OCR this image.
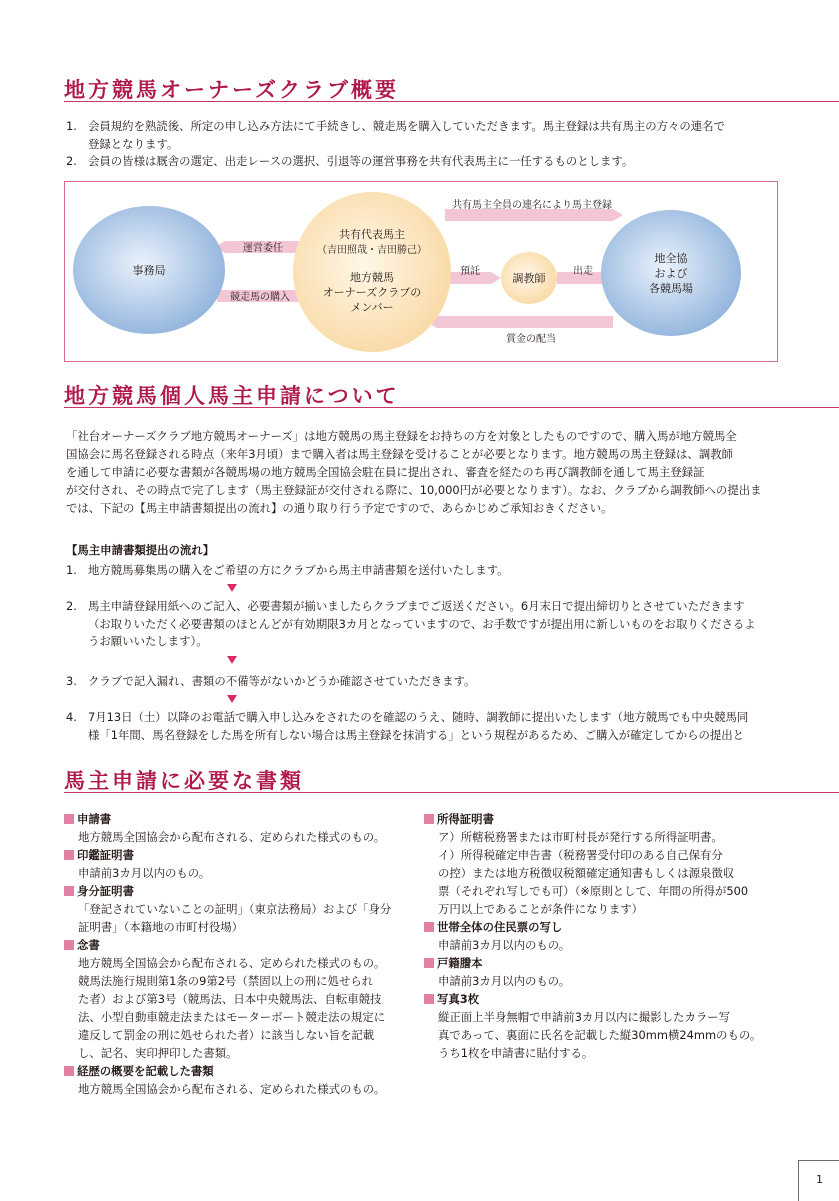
地方競馬オーナーズクラブ概要
1. 会員規約を熟読後、所定の申し込み方法にて手続きし、競走馬を購入していただきます。馬主登録は共有馬主の方々の連名で
登録となります。
2. 会員の皆様は厩舎の選定、出走レースの選択、引退等の運営事務を共有代表馬主に一任するものとします。
運営委任
競走馬の購入
共有馬主全員の連名により馬主登録
預託	出走
賞金の配当
事務局
共有代表馬主
（吉田照哉・吉田勝己）
地方競馬
オーナーズクラブの
メンバー
調教師
地全協
および
各競馬場
地方競馬個人馬主申請について
「社台オーナーズクラブ地方競馬オーナーズ」は地方競馬の馬主登録をお持ちの方を対象としたものですので、購入馬が地方競馬全
国協会に馬名登録される時点（来年3月頃）まで購入者は馬主登録を受けることが必要となります。地方競馬の馬主登録は、調教師
を通して申請に必要な書類が各競馬場の地方競馬全国協会駐在員に提出され、審査を経たのち再び調教師を通して馬主登録証
が交付され、その時点で完了します（馬主登録証が交付される際に、10,000円が必要となります）。なお、クラブから調教師への提出ま
では、下記の【馬主申請書類提出の流れ】の通り取り行う予定ですので、あらかじめご承知おきください。
【馬主申請書類提出の流れ】
1. 地方競馬募集馬の購入をご希望の方にクラブから馬主申請書類を送付いたします。
2. 馬主申請登録用紙へのご記入、必要書類が揃いましたらクラブまでご返送ください。6月末日で提出締切りとさせていただきます
（お取りいただく必要書類のほとんどが有効期限3カ月となっていますので、お手数ですが提出用に新しいものをお取りくださるよ
うお願いいたします）。
3. クラブで記入漏れ、書類の不備等がないかどうか確認させていただきます。
4. 7月13日（土）以降のお電話で購入申し込みをされたのを確認のうえ、随時、調教師に提出いたします（地方競馬でも中央競馬同
様「1年間、馬名登録をした馬を所有しない場合は馬主登録を抹消する」という規程があるため、ご購入が確定してからの提出と
馬主申請に必要な書類
申請書
地方競馬全国協会から配布される、定められた様式のもの。
印鑑証明書
申請前3カ月以内のもの。
身分証明書
「登記されていないことの証明」（東京法務局）および「身分
証明書」（本籍地の市町村役場）
念書
地方競馬全国協会から配布される、定められた様式のもの。
競馬法施行規則第1条の9第2号（禁固以上の刑に処せられ
た者）および第3号（競馬法、日本中央競馬法、自転車競技
法、小型自動車競走法またはモーターボート競走法の規定に
違反して罰金の刑に処せられた者）に該当しない旨を記載
し、記名、実印押印した書類。
経歴の概要を記載した書類
地方競馬全国協会から配布される、定められた様式のもの。
所得証明書
ア）所轄税務署または市町村長が発行する所得証明書。
イ）所得税確定申告書（税務署受付印のある自己保有分
の控）または地方税徴収税額確定通知書もしくは源泉徴収
票（それぞれ写しでも可）（※原則として、年間の所得が500
万円以上であることが条件になります）
世帯全体の住民票の写し
申請前3カ月以内のもの。
戸籍謄本
申請前3カ月以内のもの。
写真3枚
縦正面上半身無帽で申請前3カ月以内に撮影したカラー写
真であって、裏面に氏名を記載した縦30mm横24mmのもの。
うち1枚を申請書に貼付する。
1
